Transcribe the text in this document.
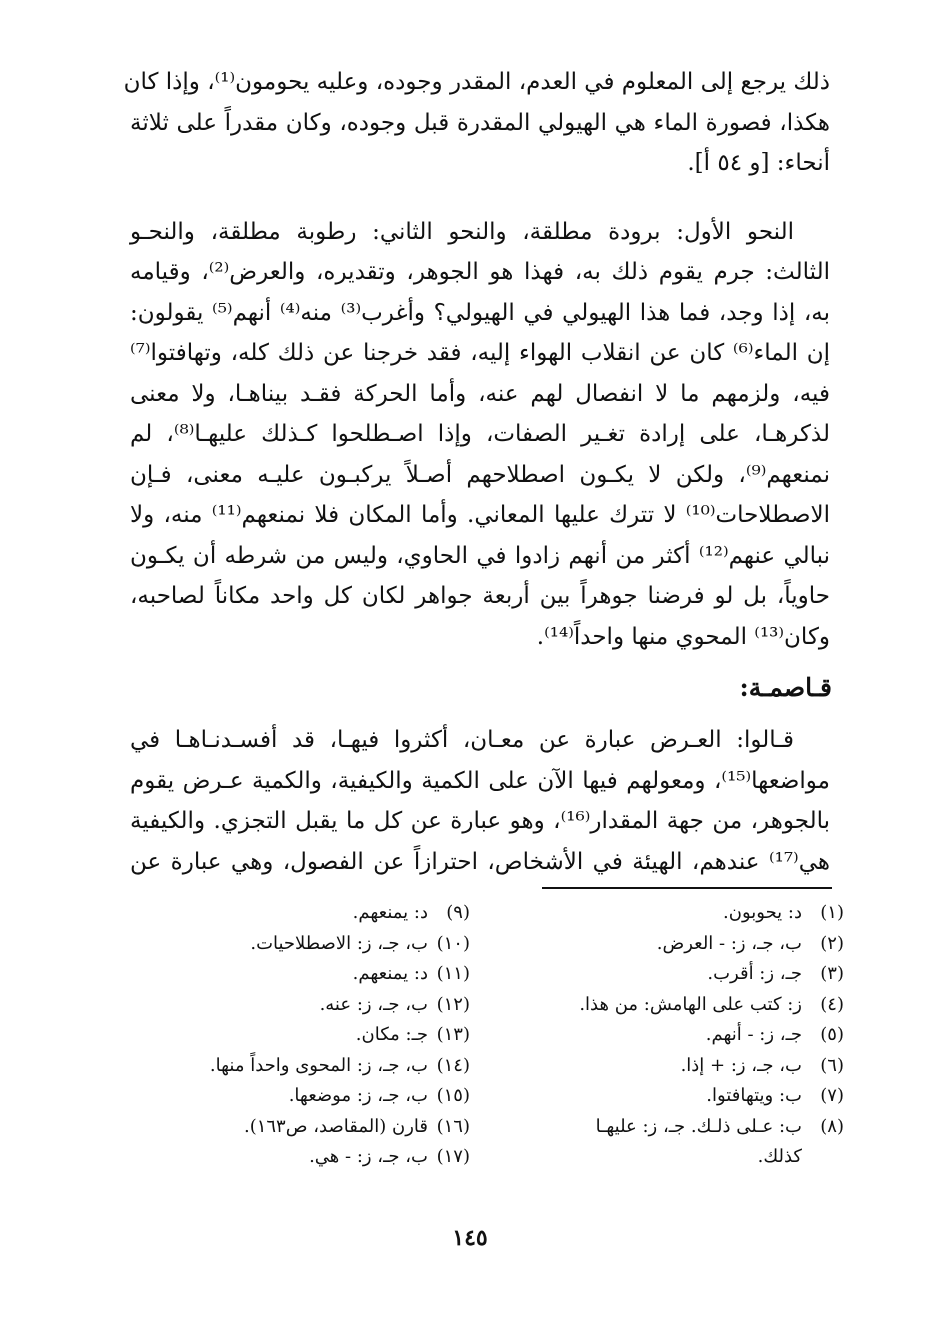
ذلك يرجع إلى المعلوم في العدم، المقدر وجوده، وعليه يحومون⁽¹⁾، وإذا كان

هكذا، فصورة الماء هي الهيولي المقدرة قبل وجوده، وكان مقدراً على ثلاثة

أنحاء: [و ٥٤ أ].

النحو الأول: برودة مطلقة، والنحو الثاني: رطوبة مطلقة، والنحـو

الثالث: جرم يقوم ذلك به، فهذا هو الجوهر، وتقديره، والعرض⁽²⁾، وقيامه

به، إذا وجد، فما هذا الهيولي في الهيولي؟ وأغرب⁽³⁾ منه⁽⁴⁾ أنهم⁽⁵⁾ يقولون:

إن الماء⁽⁶⁾ كان عن انقلاب الهواء إليه، فقد خرجنا عن ذلك كله، وتهافتوا⁽⁷⁾

فيه، ولزمهم ما لا انفصال لهم عنه، وأما الحركة فقـد بيناهـا، ولا معنى

لذكرهـا، على إرادة تغـير الصفات، وإذا اصـطلحوا كـذلك عليهـا⁽⁸⁾، لم

نمنعهم⁽⁹⁾، ولكن لا يكـون اصطلاحهم أصـلاً يركبـون عليـه معنى، فـإن

الاصطلاحات⁽¹⁰⁾ لا تترك عليها المعاني. وأما المكان فلا نمنعهم⁽¹¹⁾ منه، ولا

نبالي عنهم⁽¹²⁾ أكثر من أنهم زادوا في الحاوي، وليس من شرطه أن يكـون

حاوياً، بل لو فرضنا جوهراً بين أربعة جواهر لكان كل واحد مكاناً لصاحبه،

وكان⁽¹³⁾ المحوي منها واحداً⁽¹⁴⁾.

قـاصمـة:

قـالوا: العـرض عبارة عن معـان، أكثروا فيهـا، قد أفسـدنـاهـا في

مواضعها⁽¹⁵⁾، ومعولهم فيها الآن على الكمية والكيفية، والكمية عـرض يقوم

بالجوهر، من جهة المقدار⁽¹⁶⁾، وهو عبارة عن كل ما يقبل التجزي. والكيفية

هي⁽¹⁷⁾ عندهم، الهيئة في الأشخاص، احترازاً عن الفصول، وهي عبارة عن

(١)
د: يحوبون.
(٢)
ب، جـ، ز: - العرض.
(٣)
جـ، ز: أقرب.
(٤)
ز: كتب على الهامش: من هذا.
(٥)
جـ، ز: - أنهم.
(٦)
ب، جـ، ز: + إذا.
(٧)
ب: ويتهافتوا.
(٨)
ب: عـلى ذلـك. جـ، ز: عليهـا
كذلك.
(٩)
د: يمنعهم.
(١٠)
ب، جـ، ز: الاصطلاحيات.
(١١)
د: يمنعهم.
(١٢)
ب، جـ، ز: عنه.
(١٣)
جـ: مكان.
(١٤)
ب، جـ، ز: المحوى واحداً منها.
(١٥)
ب، جـ، ز: موضعها.
(١٦)
قارن (المقاصد، ص١٦٣).
(١٧)
ب، جـ، ز: - هي.
١٤٥
